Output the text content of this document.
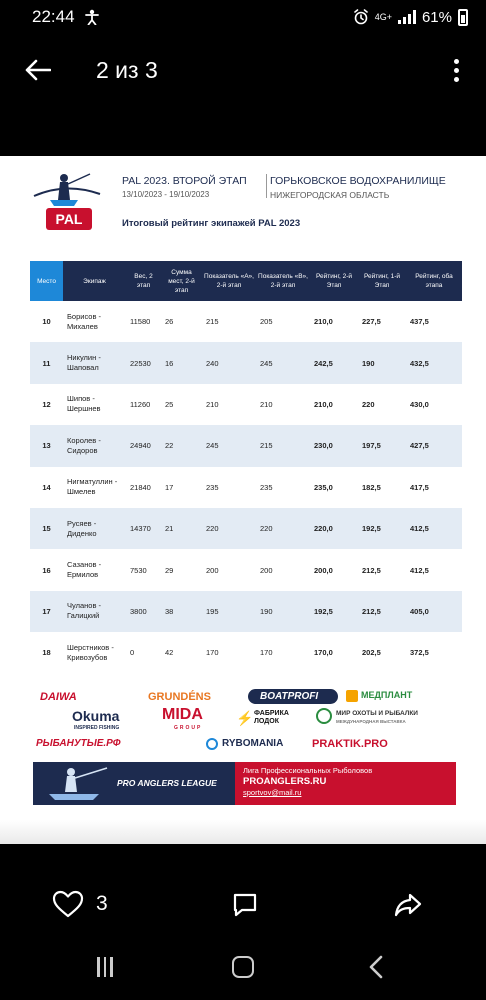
22:44	4G+ 61%
2 из 3
PAL
PAL 2023. ВТОРОЙ ЭТАП
13/10/2023 - 19/10/2023
ГОРЬКОВСКОЕ ВОДОХРАНИЛИЩЕ
НИЖЕГОРОДСКАЯ ОБЛАСТЬ
Итоговый рейтинг экипажей PAL 2023
Место	Экипаж	Вес, 2 этап	Сумма мест, 2-й этап	Показатель «А», 2-й этап	Показатель «В», 2-й этап	Рейтинг, 2-й Этап	Рейтинг, 1-й Этап	Рейтинг, оба этапа
10	Борисов - Михалев	11580	26	215	205	210,0	227,5	437,5
11	Никулин - Шаповал	22530	16	240	245	242,5	190	432,5
12	Шипов - Шершнев	11260	25	210	210	210,0	220	430,0
13	Королев - Сидоров	24940	22	245	215	230,0	197,5	427,5
14	Нигматуллин - Шмелев	21840	17	235	235	235,0	182,5	417,5
15	Русяев - Диденко	14370	21	220	220	220,0	192,5	412,5
16	Сазанов - Ермилов	7530	29	200	200	200,0	212,5	412,5
17	Чуланов - Галицкий	3800	38	195	190	192,5	212,5	405,0
18	Шерстников - Кривозубов	0	42	170	170	170,0	202,5	372,5
DAIWA	GRUNDÉNS	BOATPROFI	МЕДПЛАНТ
Okuma
INSPIRED FISHING
MIDA
GROUP
⚡ ФАБРИКА ЛОДОК
МИР ОХОТЫ И РЫБАЛКИ
МЕЖДУНАРОДНАЯ ВЫСТАВКА
РЫБАНУТЫЕ.РФ	RYBOMANIA	PRAKTIK.PRO
PRO ANGLERS LEAGUE
Лига Профессиональных Рыболовов
PROANGLERS.RU
sportvov@mail.ru
3
